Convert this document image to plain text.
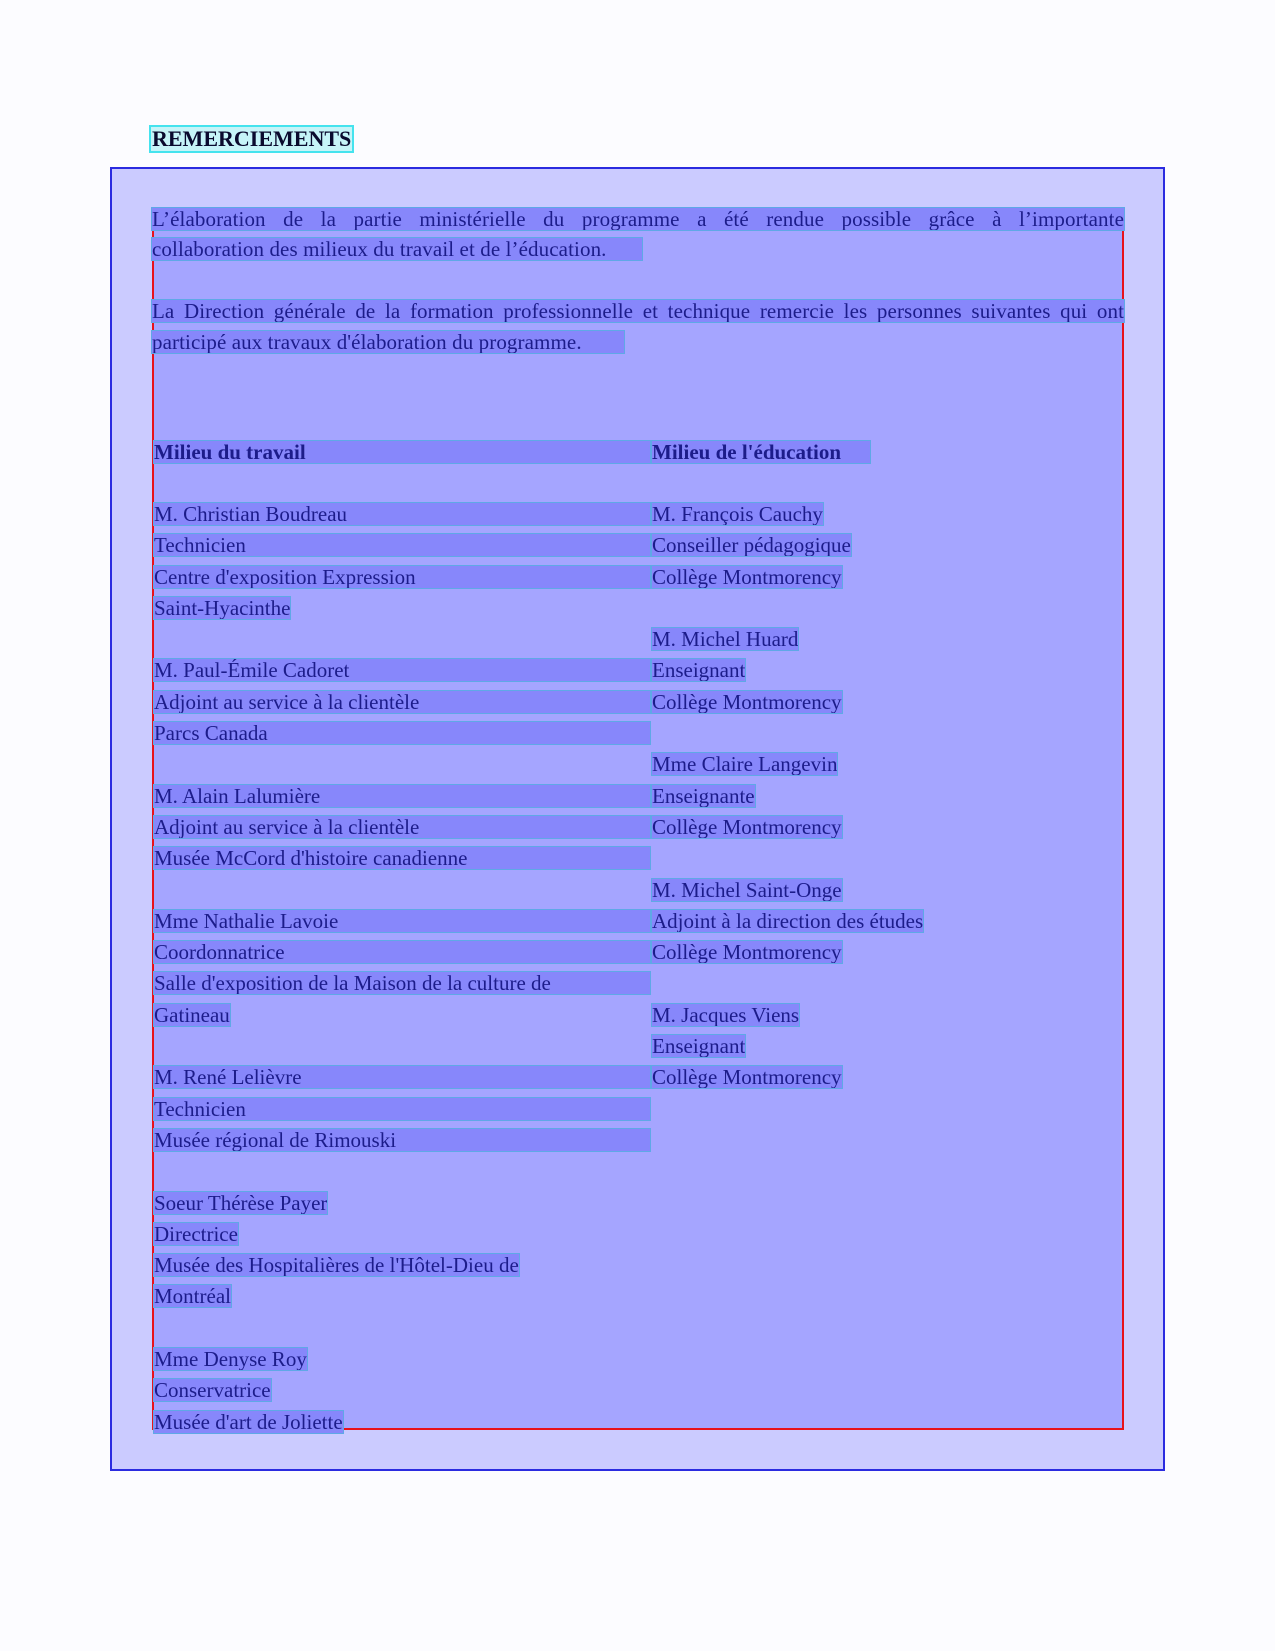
REMERCIEMENTS
L’élaboration de la partie ministérielle du programme a été rendue possible grâce à l’importante
collaboration des milieux du travail et de l’éducation.
La Direction générale de la formation professionnelle et technique remercie les personnes suivantes qui ont
participé aux travaux d'élaboration du programme.
Milieu du travail	Milieu de l'éducation
M. Christian Boudreau
Technicien
Centre d'exposition Expression
Saint-Hyacinthe
M. Paul-Émile Cadoret
Adjoint au service à la clientèle
Parcs Canada
M. Alain Lalumière
Adjoint au service à la clientèle
Musée McCord d'histoire canadienne
Mme Nathalie Lavoie
Coordonnatrice
Salle d'exposition de la Maison de la culture de
Gatineau
M. René Lelièvre
Technicien
Musée régional de Rimouski
Soeur Thérèse Payer
Directrice
Musée des Hospitalières de l'Hôtel-Dieu de
Montréal
Mme Denyse Roy
Conservatrice
Musée d'art de Joliette
M. François Cauchy
Conseiller pédagogique
Collège Montmorency
M. Michel Huard
Enseignant
Collège Montmorency
Mme Claire Langevin
Enseignante
Collège Montmorency
M. Michel Saint-Onge
Adjoint à la direction des études
Collège Montmorency
M. Jacques Viens
Enseignant
Collège Montmorency
